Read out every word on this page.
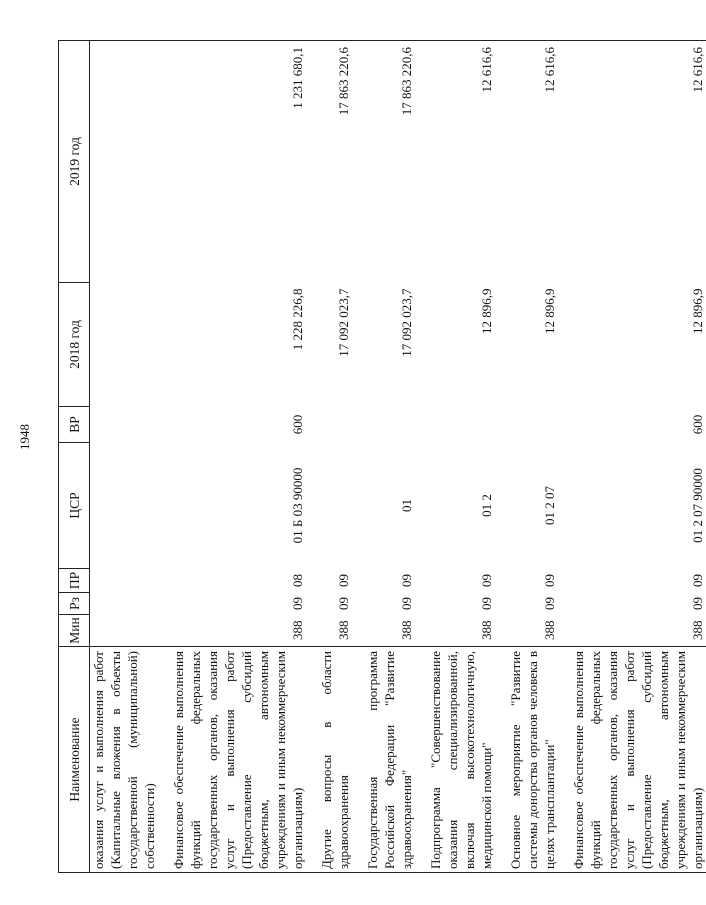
1948
Наименование	Мин	Рз	ПР	ЦСР	ВР	2018 год	2019 год
оказания услуг и выполнения работ (Капитальные вложения в объекты государственной (муниципальной) собственности)							
Финансовое обеспечение выполнения функций федеральных государственных органов, оказания услуг и выполнения работ (Предоставление субсидий бюджетным, автономным учреждениям и иным некоммерческим организациям)	388	09	08	01 Б 03 90000	600	1 228 226,8	1 231 680,1
Другие вопросы в области здравоохранения	388	09	09			17 092 023,7	17 863 220,6
Государственная программа Российской Федерации "Развитие здравоохранения"	388	09	09	01		17 092 023,7	17 863 220,6
Подпрограмма "Совершенствование оказания специализированной, включая высокотехнологичную, медицинской помощи"	388	09	09	01 2		12 896,9	12 616,6
Основное мероприятие "Развитие системы донорства органов человека в целях трансплантации"	388	09	09	01 2 07		12 896,9	12 616,6
Финансовое обеспечение выполнения функций федеральных государственных органов, оказания услуг и выполнения работ (Предоставление субсидий бюджетным, автономным учреждениям и иным некоммерческим организациям)	388	09	09	01 2 07 90000	600	12 896,9	12 616,6
